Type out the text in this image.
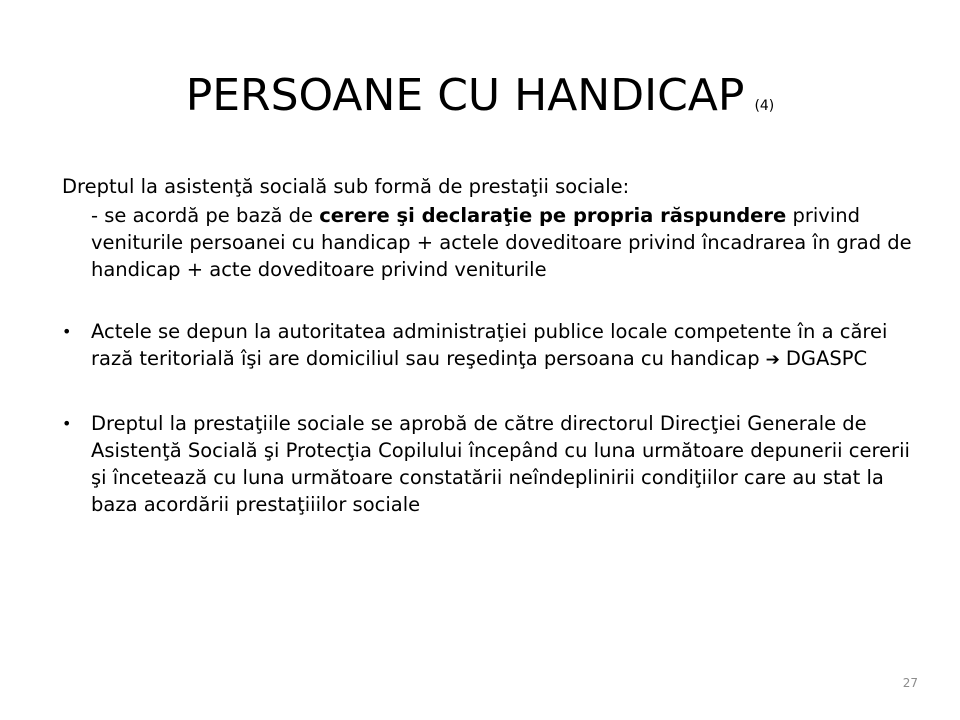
PERSOANE CU HANDICAP (4)

Dreptul la asistenţă socială sub formă de prestaţii sociale:

- se acordă pe bază de cerere şi declaraţie pe propria răspundere privind veniturile persoanei cu handicap + actele doveditoare privind încadrarea în grad de handicap + acte doveditoare privind veniturile

• Actele se depun la autoritatea administraţiei publice locale competente în a cărei rază teritorială îşi are domiciliul sau reşedinţa persoana cu handicap ➔ DGASPC
• Dreptul la prestaţiile sociale se aprobă de către directorul Direcţiei Generale de Asistenţă Socială şi Protecţia Copilului începând cu luna următoare depunerii cererii şi încetează cu luna următoare constatării neîndeplinirii condiţiilor care au stat la baza acordării prestaţiiilor sociale
27
